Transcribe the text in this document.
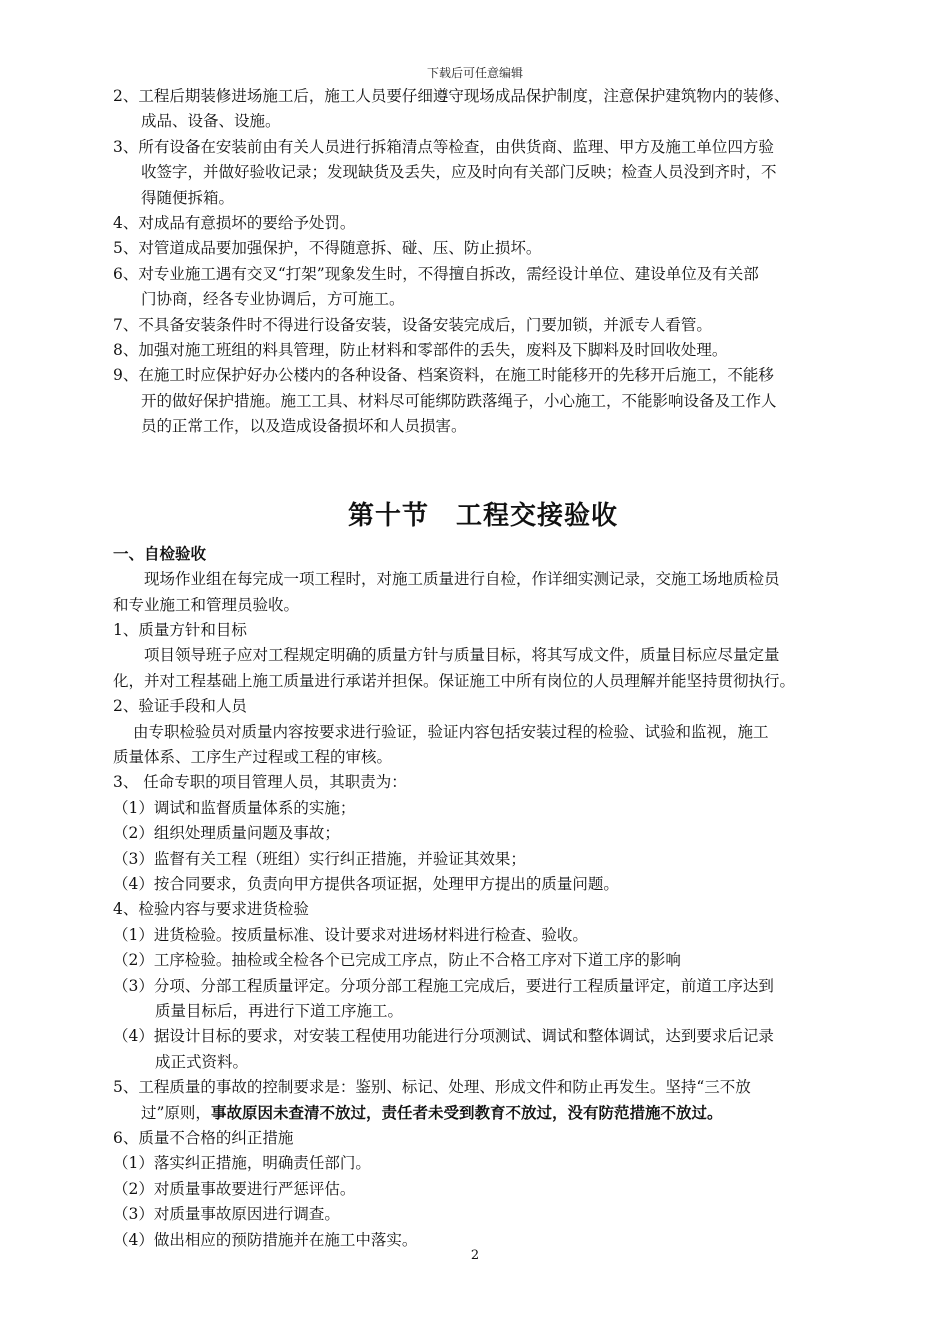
下载后可任意编辑
2、工程后期装修进场施工后，施工人员要仔细遵守现场成品保护制度，注意保护建筑物内的装修、
成品、设备、设施。
3、所有设备在安装前由有关人员进行拆箱清点等检查，由供货商、监理、甲方及施工单位四方验
收签字，并做好验收记录；发现缺货及丢失，应及时向有关部门反映；检查人员没到齐时，不
得随便拆箱。
4、对成品有意损坏的要给予处罚。
5、对管道成品要加强保护，不得随意拆、碰、压、防止损坏。
6、对专业施工遇有交叉“打架”现象发生时，不得擅自拆改，需经设计单位、建设单位及有关部
门协商，经各专业协调后，方可施工。
7、不具备安装条件时不得进行设备安装，设备安装完成后，门要加锁，并派专人看管。
8、加强对施工班组的料具管理，防止材料和零部件的丢失，废料及下脚料及时回收处理。
9、在施工时应保护好办公楼内的各种设备、档案资料，在施工时能移开的先移开后施工，不能移
开的做好保护措施。施工工具、材料尽可能绑防跌落绳子，小心施工，不能影响设备及工作人
员的正常工作，以及造成设备损坏和人员损害。
第十节　工程交接验收
一、自检验收
现场作业组在每完成一项工程时，对施工质量进行自检，作详细实测记录，交施工场地质检员
和专业施工和管理员验收。
1、质量方针和目标
项目领导班子应对工程规定明确的质量方针与质量目标，将其写成文件，质量目标应尽量定量
化，并对工程基础上施工质量进行承诺并担保。保证施工中所有岗位的人员理解并能坚持贯彻执行。
2、验证手段和人员
由专职检验员对质量内容按要求进行验证，验证内容包括安装过程的检验、试验和监视，施工
质量体系、工序生产过程或工程的审核。
3、 任命专职的项目管理人员，其职责为：
（1）调试和监督质量体系的实施；
（2）组织处理质量问题及事故；
（3）监督有关工程（班组）实行纠正措施，并验证其效果；
（4）按合同要求，负责向甲方提供各项证据，处理甲方提出的质量问题。
4、检验内容与要求进货检验
（1）进货检验。按质量标准、设计要求对进场材料进行检查、验收。
（2）工序检验。抽检或全检各个已完成工序点，防止不合格工序对下道工序的影响
（3）分项、分部工程质量评定。分项分部工程施工完成后，要进行工程质量评定，前道工序达到
质量目标后，再进行下道工序施工。
（4）据设计目标的要求，对安装工程使用功能进行分项测试、调试和整体调试，达到要求后记录
成正式资料。
5、工程质量的事故的控制要求是：鉴别、标记、处理、形成文件和防止再发生。坚持“三不放
过”原则，事故原因未查清不放过，责任者未受到教育不放过，没有防范措施不放过。
6、质量不合格的纠正措施
（1）落实纠正措施，明确责任部门。
（2）对质量事故要进行严惩评估。
（3）对质量事故原因进行调查。
（4）做出相应的预防措施并在施工中落实。
2
